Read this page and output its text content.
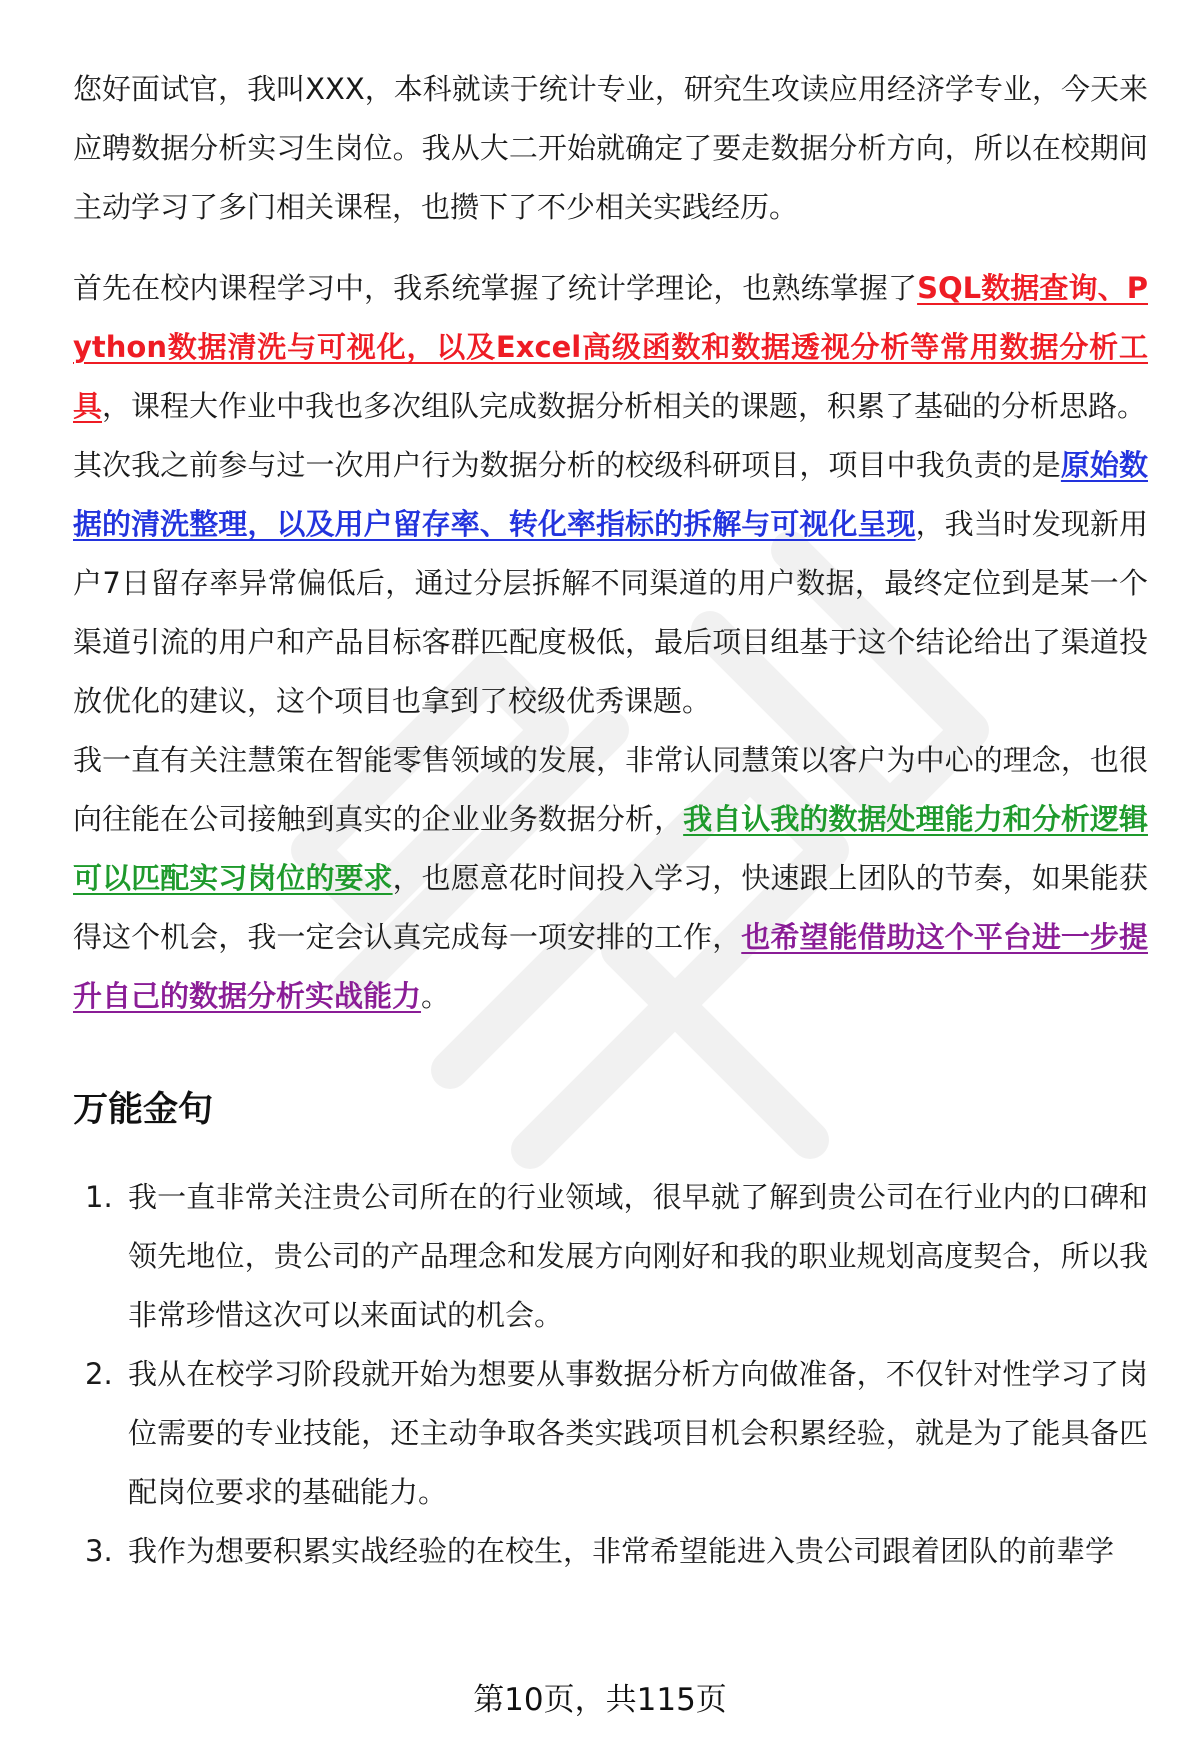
您好面试官，我叫XXX，本科就读于统计专业，研究生攻读应用经济学专业，今天来应聘数据分析实习生岗位。我从大二开始就确定了要走数据分析方向，所以在校期间主动学习了多门相关课程，也攒下了不少相关实践经历。

首先在校内课程学习中，我系统掌握了统计学理论，也熟练掌握了SQL数据查询、Python数据清洗与可视化，以及Excel高级函数和数据透视分析等常用数据分析工具，课程大作业中我也多次组队完成数据分析相关的课题，积累了基础的分析思路。

其次我之前参与过一次用户行为数据分析的校级科研项目，项目中我负责的是原始数据的清洗整理，以及用户留存率、转化率指标的拆解与可视化呈现，我当时发现新用户7日留存率异常偏低后，通过分层拆解不同渠道的用户数据，最终定位到是某一个渠道引流的用户和产品目标客群匹配度极低，最后项目组基于这个结论给出了渠道投放优化的建议，这个项目也拿到了校级优秀课题。

我一直有关注慧策在智能零售领域的发展，非常认同慧策以客户为中心的理念，也很向往能在公司接触到真实的企业业务数据分析，我自认我的数据处理能力和分析逻辑可以匹配实习岗位的要求，也愿意花时间投入学习，快速跟上团队的节奏，如果能获得这个机会，我一定会认真完成每一项安排的工作，也希望能借助这个平台进一步提升自己的数据分析实战能力。

万能金句
1. 我一直非常关注贵公司所在的行业领域，很早就了解到贵公司在行业内的口碑和领先地位，贵公司的产品理念和发展方向刚好和我的职业规划高度契合，所以我非常珍惜这次可以来面试的机会。
2. 我从在校学习阶段就开始为想要从事数据分析方向做准备，不仅针对性学习了岗位需要的专业技能，还主动争取各类实践项目机会积累经验，就是为了能具备匹配岗位要求的基础能力。
3. 我作为想要积累实战经验的在校生，非常希望能进入贵公司跟着团队的前辈学
第10页，共115页
